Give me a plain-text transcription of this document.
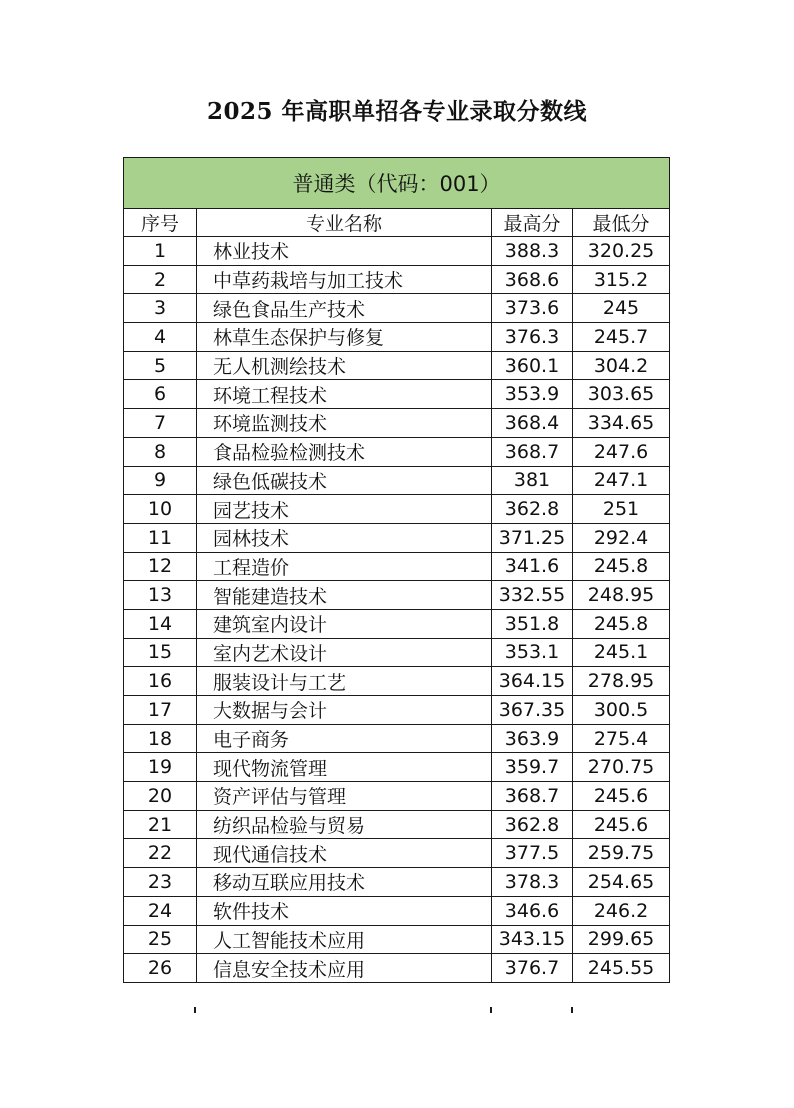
2025 年高职单招各专业录取分数线
普通类（代码：001）			
序号	专业名称	最高分	最低分
1	林业技术	388.3	320.25
2	中草药栽培与加工技术	368.6	315.2
3	绿色食品生产技术	373.6	245
4	林草生态保护与修复	376.3	245.7
5	无人机测绘技术	360.1	304.2
6	环境工程技术	353.9	303.65
7	环境监测技术	368.4	334.65
8	食品检验检测技术	368.7	247.6
9	绿色低碳技术	381	247.1
10	园艺技术	362.8	251
11	园林技术	371.25	292.4
12	工程造价	341.6	245.8
13	智能建造技术	332.55	248.95
14	建筑室内设计	351.8	245.8
15	室内艺术设计	353.1	245.1
16	服装设计与工艺	364.15	278.95
17	大数据与会计	367.35	300.5
18	电子商务	363.9	275.4
19	现代物流管理	359.7	270.75
20	资产评估与管理	368.7	245.6
21	纺织品检验与贸易	362.8	245.6
22	现代通信技术	377.5	259.75
23	移动互联应用技术	378.3	254.65
24	软件技术	346.6	246.2
25	人工智能技术应用	343.15	299.65
26	信息安全技术应用	376.7	245.55
